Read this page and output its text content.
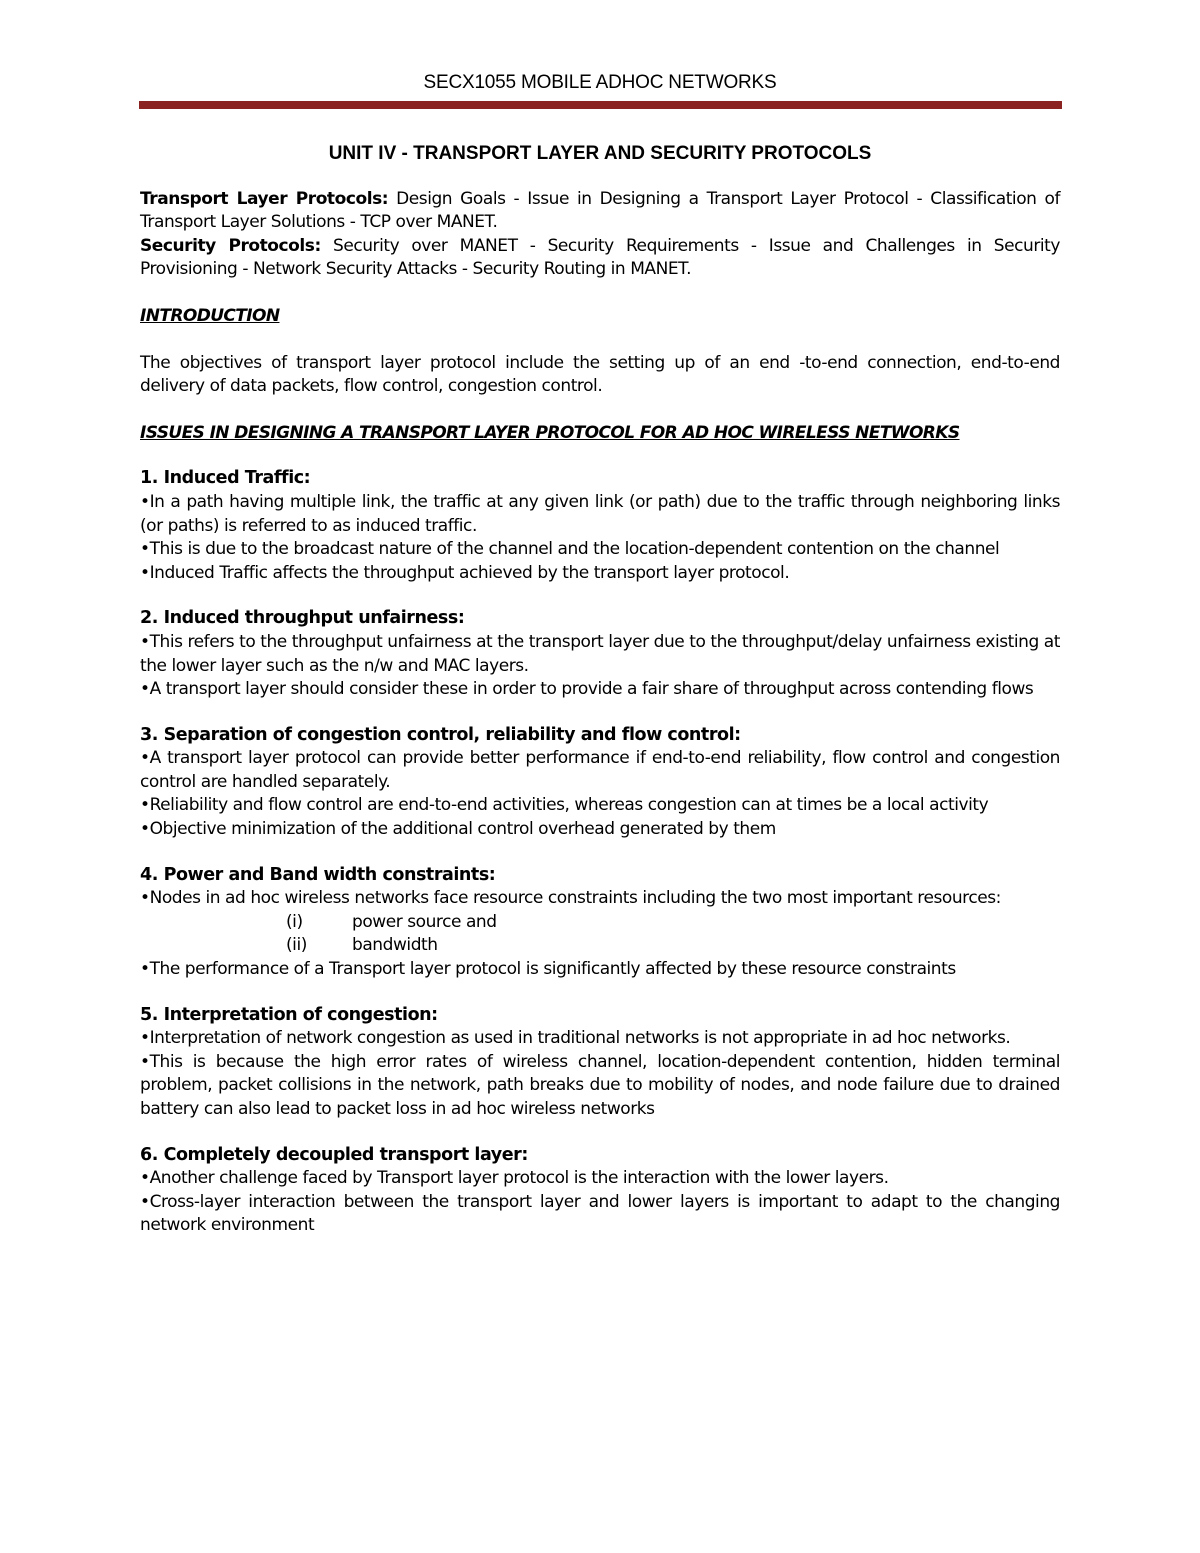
SECX1055 MOBILE ADHOC NETWORKS
UNIT IV - TRANSPORT LAYER AND SECURITY PROTOCOLS

Transport Layer Protocols: Design Goals - Issue in Designing a Transport Layer Protocol - Classification of Transport Layer Solutions - TCP over MANET.

Security Protocols: Security over MANET - Security Requirements - Issue and Challenges in Security Provisioning - Network Security Attacks - Security Routing in MANET.

INTRODUCTION

The objectives of transport layer protocol include the setting up of an end -to-end connection, end-to-end delivery of data packets, flow control, congestion control.

ISSUES IN DESIGNING A TRANSPORT LAYER PROTOCOL FOR AD HOC WIRELESS NETWORKS

1. Induced Traffic:

•In a path having multiple link, the traffic at any given link (or path) due to the traffic through neighboring links (or paths) is referred to as induced traffic.

•This is due to the broadcast nature of the channel and the location-dependent contention on the channel

•Induced Traffic affects the throughput achieved by the transport layer protocol.

2. Induced throughput unfairness:

•This refers to the throughput unfairness at the transport layer due to the throughput/delay unfairness existing at the lower layer such as the n/w and MAC layers.

•A transport layer should consider these in order to provide a fair share of throughput across contending flows

3. Separation of congestion control, reliability and flow control:

•A transport layer protocol can provide better performance if end-to-end reliability, flow control and congestion control are handled separately.

•Reliability and flow control are end-to-end activities, whereas congestion can at times be a local activity

•Objective minimization of the additional control overhead generated by them

4. Power and Band width constraints:

•Nodes in ad hoc wireless networks face resource constraints including the two most important resources:

(i)	power source and
(ii)	bandwidth

•The performance of a Transport layer protocol is significantly affected by these resource constraints

5. Interpretation of congestion:

•Interpretation of network congestion as used in traditional networks is not appropriate in ad hoc networks.

•This is because the high error rates of wireless channel, location-dependent contention, hidden terminal problem, packet collisions in the network, path breaks due to mobility of nodes, and node failure due to drained battery can also lead to packet loss in ad hoc wireless networks

6. Completely decoupled transport layer:

•Another challenge faced by Transport layer protocol is the interaction with the lower layers.

•Cross-layer interaction between the transport layer and lower layers is important to adapt to the changing network environment
